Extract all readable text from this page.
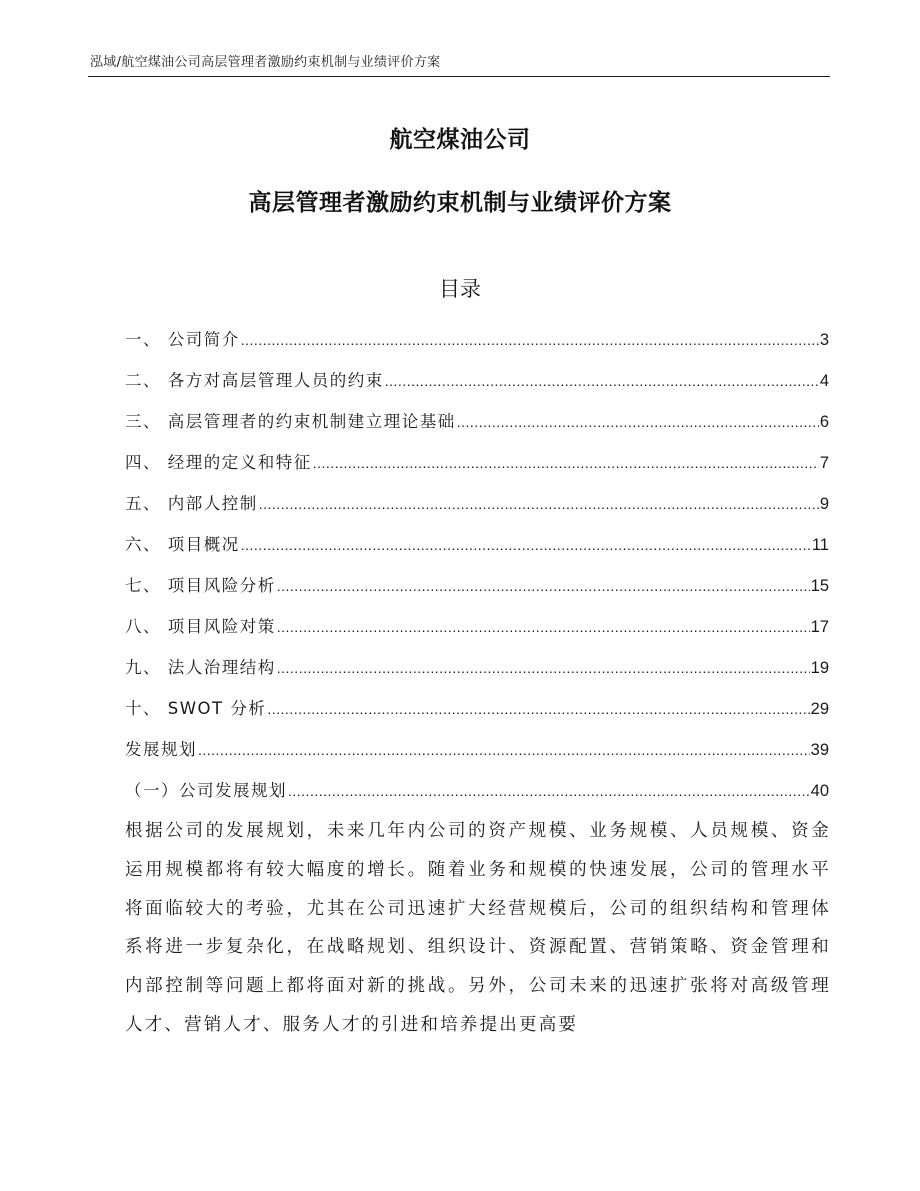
泓域/航空煤油公司高层管理者激励约束机制与业绩评价方案
航空煤油公司
高层管理者激励约束机制与业绩评价方案
目录
一、 公司简介 .....	3
二、 各方对高层管理人员的约束 .....	4
三、 高层管理者的约束机制建立理论基础 .....	6
四、 经理的定义和特征 .....	7
五、 内部人控制 .....	9
六、 项目概况 .....	11
七、 项目风险分析 .....	15
八、 项目风险对策 .....	17
九、 法人治理结构 .....	19
十、 SWOT 分析 .....	29
发展规划 .....	39
（一）公司发展规划 .....	40
根据公司的发展规划，未来几年内公司的资产规模、业务规模、人员规模、资金运用规模都将有较大幅度的增长。随着业务和规模的快速发展，公司的管理水平将面临较大的考验，尤其在公司迅速扩大经营规模后，公司的组织结构和管理体系将进一步复杂化，在战略规划、组织设计、资源配置、营销策略、资金管理和内部控制等问题上都将面对新的挑战。另外，公司未来的迅速扩张将对高级管理人才、营销人才、服务人才的引进和培养提出更高要
